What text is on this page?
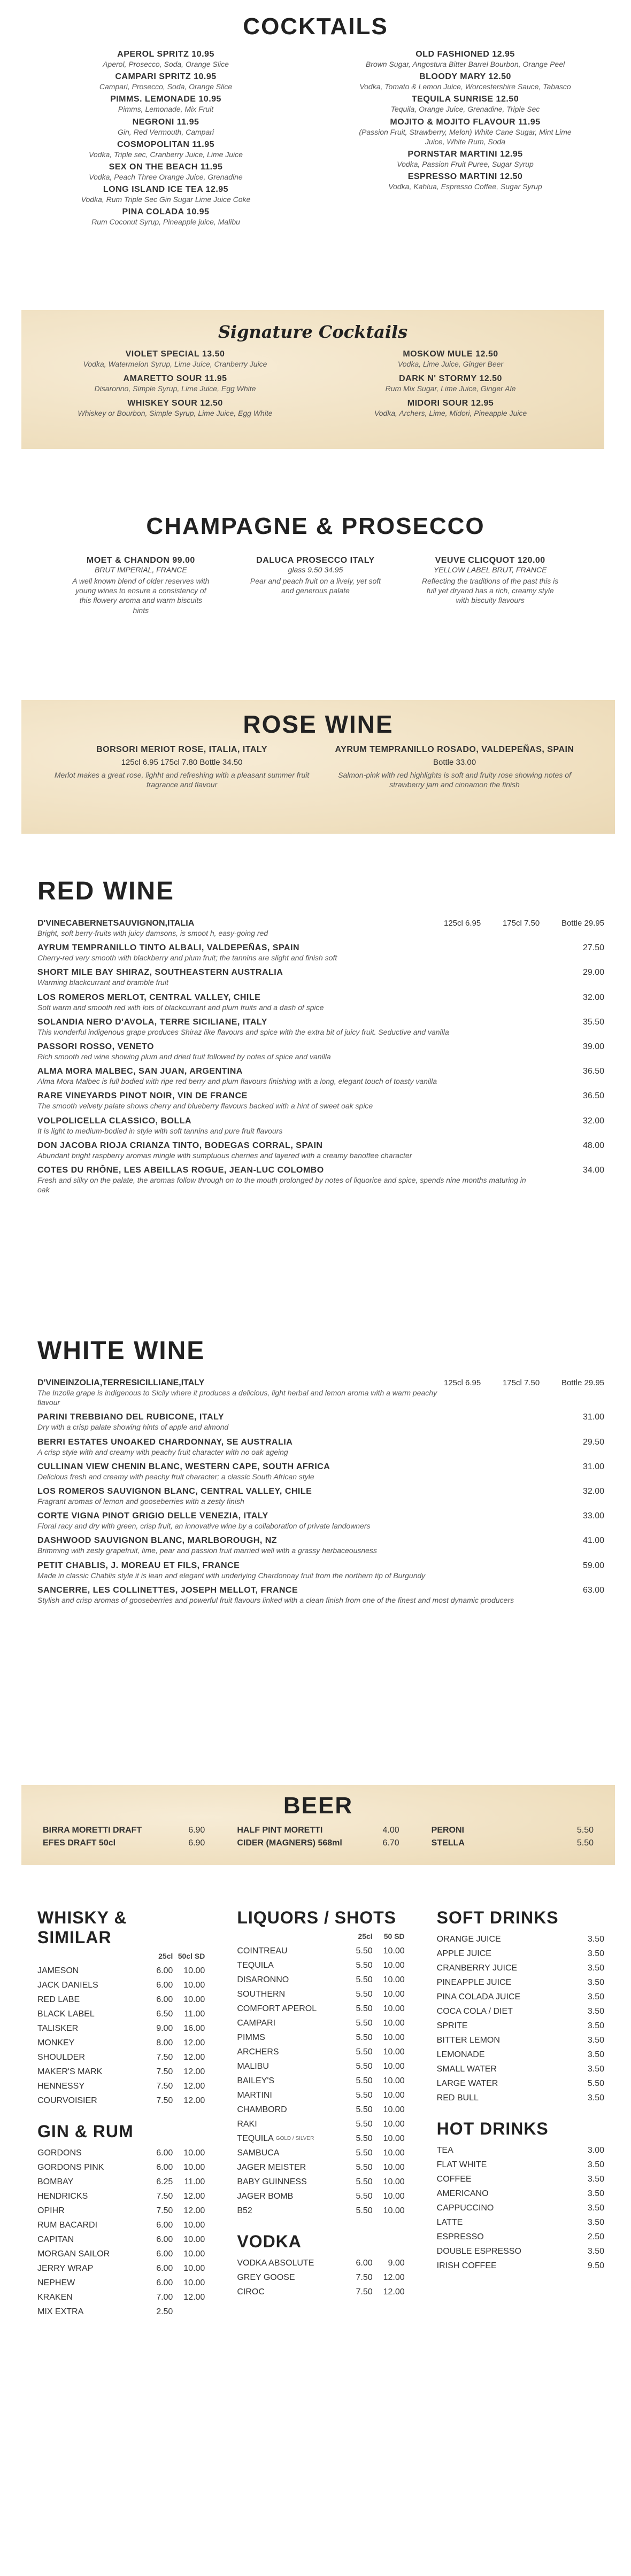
COCKTAILS
APEROL SPRITZ 10.95
Aperol, Prosecco, Soda, Orange Slice
CAMPARI SPRITZ 10.95
Campari, Prosecco, Soda, Orange Slice
PIMMS. LEMONADE 10.95
Pimms, Lemonade, Mix Fruit
NEGRONI 11.95
Gin, Red Vermouth, Campari
COSMOPOLITAN 11.95
Vodka, Triple sec, Cranberry Juice, Lime Juice
SEX ON THE BEACH 11.95
Vodka, Peach Three Orange Juice, Grenadine
LONG ISLAND ICE TEA 12.95
Vodka, Rum Triple Sec Gin Sugar Lime Juice Coke
PINA COLADA 10.95
Rum Coconut Syrup, Pineapple juice, Malibu
OLD FASHIONED 12.95
Brown Sugar, Angostura Bitter Barrel Bourbon, Orange Peel
BLOODY MARY 12.50
Vodka, Tomato & Lemon Juice, Worcestershire Sauce, Tabasco
TEQUILA SUNRISE 12.50
Tequila, Orange Juice, Grenadine, Triple Sec
MOJITO & MOJITO FLAVOUR 11.95
(Passion Fruit, Strawberry, Melon) White Cane Sugar, Mint Lime Juice, White Rum, Soda
PORNSTAR MARTINI 12.95
Vodka, Passion Fruit Puree, Sugar Syrup
ESPRESSO MARTINI 12.50
Vodka, Kahlua, Espresso Coffee, Sugar Syrup
Signature Cocktails
VIOLET SPECIAL 13.50
Vodka, Watermelon Syrup, Lime Juice, Cranberry Juice
MOSKOW MULE 12.50
Vodka, Lime Juice, Ginger Beer
AMARETTO SOUR 11.95
Disaronno, Simple Syrup, Lime Juice, Egg White
DARK N' STORMY 12.50
Rum Mix Sugar, Lime Juice, Ginger Ale
WHISKEY SOUR 12.50
Whiskey or Bourbon, Simple Syrup, Lime Juice, Egg White
MIDORI SOUR 12.95
Vodka, Archers, Lime, Midori, Pineapple Juice
CHAMPAGNE & PROSECCO
MOET & CHANDON 99.00
BRUT IMPERIAL, FRANCE
A well known blend of older reserves with young wines to ensure a consistency of this flowery aroma and warm biscuits hints
DALUCA PROSECCO ITALY
glass 9.50 34.95
Pear and peach fruit on a lively, yet soft and generous palate
VEUVE CLICQUOT 120.00
YELLOW LABEL BRUT, FRANCE
Reflecting the traditions of the past this is full yet dryand has a rich, creamy style with biscuity flavours
ROSE WINE
BORSORI MERIOT ROSE, ITALIA, ITALY
125cl 6.95 175cl 7.80 Bottle 34.50
Merlot makes a great rose, lighht and refreshing with a pleasant summer fruit fragrance and flavour
AYRUM TEMPRANILLO ROSADO, VALDEPEÑAS, SPAIN
Bottle 33.00
Salmon-pink with red highlights is soft and fruity rose showing notes of strawberry jam and cinnamon the finish
RED WINE
D'VINECABERNETSAUVIGNON,ITALIA
Bright, soft berry-fruits with juicy damsons, is smoot h, easy-going red
125cl 6.95	175cl 7.50	Bottle 29.95
AYRUM TEMPRANILLO TINTO ALBALI, VALDEPEÑAS, SPAIN
Cherry-red very smooth with blackberry and plum fruit; the tannins are slight and finish soft
27.50
SHORT MILE BAY SHIRAZ, SOUTHEASTERN AUSTRALIA
Warming blackcurrant and bramble fruit
29.00
LOS ROMEROS MERLOT, CENTRAL VALLEY, CHILE
Soft warm and smooth red with lots of blackcurrant and plum fruits and a dash of spice
32.00
SOLANDIA NERO D'AVOLA, TERRE SICILIANE, ITALY
This wonderful indigenous grape produces Shiraz like flavours and spice with the extra bit of juicy fruit. Seductive and vanilla
35.50
PASSORI ROSSO, VENETO
Rich smooth red wine showing plum and dried fruit followed by notes of spice and vanilla
39.00
ALMA MORA MALBEC, SAN JUAN, ARGENTINA
Alma Mora Malbec is full bodied with ripe red berry and plum flavours finishing with a long, elegant touch of toasty vanilla
36.50
RARE VINEYARDS PINOT NOIR, VIN DE FRANCE
The smooth velvety palate shows cherry and blueberry flavours backed with a hint of sweet oak spice
36.50
VOLPOLICELLA CLASSICO, BOLLA
It is light to medium-bodied in style with soft tannins and pure fruit flavours
32.00
DON JACOBA RIOJA CRIANZA TINTO, BODEGAS CORRAL, SPAIN
Abundant bright raspberry aromas mingle with sumptuous cherries and layered with a creamy banoffee character
48.00
COTES DU RHÔNE, LES ABEILLAS ROGUE, JEAN-LUC COLOMBO
Fresh and silky on the palate, the aromas follow through on to the mouth prolonged by notes of liquorice and spice, spends nine months maturing in oak
34.00
WHITE WINE
D'VINEINZOLIA,TERRESICILLIANE,ITALY
The Inzolia grape is indigenous to Sicily where it produces a delicious, light herbal and lemon aroma with a warm peachy flavour
125cl 6.95	175cl 7.50	Bottle 29.95
PARINI TREBBIANO DEL RUBICONE, ITALY
Dry with a crisp palate showing hints of apple and almond
31.00
BERRI ESTATES UNOAKED CHARDONNAY, SE AUSTRALIA
A crisp style with and creamy with peachy fruit character with no oak ageing
29.50
CULLINAN VIEW CHENIN BLANC, WESTERN CAPE, SOUTH AFRICA
Delicious fresh and creamy with peachy fruit character; a classic South African style
31.00
LOS ROMEROS SAUVIGNON BLANC, CENTRAL VALLEY, CHILE
Fragrant aromas of lemon and gooseberries with a zesty finish
32.00
CORTE VIGNA PINOT GRIGIO DELLE VENEZIA, ITALY
Floral racy and dry with green, crisp fruit, an innovative wine by a collaboration of private landowners
33.00
DASHWOOD SAUVIGNON BLANC, MARLBOROUGH, NZ
Brimming with zesty grapefruit, lime, pear and passion fruit married well with a grassy herbaceousness
41.00
PETIT CHABLIS, J. MOREAU ET FILS, FRANCE
Made in classic Chablis style it is lean and elegant with underlying Chardonnay fruit from the northern tip of Burgundy
59.00
SANCERRE, LES COLLINETTES, JOSEPH MELLOT, FRANCE
Stylish and crisp aromas of gooseberries and powerful fruit flavours linked with a clean finish from one of the finest and most dynamic producers
63.00
BEER
BIRRA MORETTI DRAFT	6.90	HALF PINT MORETTI	4.00	PERONI	5.50
EFES DRAFT 50cl	6.90	CIDER (MAGNERS) 568ml	6.70	STELLA	5.50
WHISKY & SIMILAR
25cl 50cl SD
JAMESON	6.00	10.00
JACK DANIELS	6.00	10.00
RED LABE	6.00	10.00
BLACK LABEL	6.50	11.00
TALISKER	9.00	16.00
MONKEY	8.00	12.00
SHOULDER	7.50	12.00
MAKER'S MARK	7.50	12.00
HENNESSY	7.50	12.00
COURVOISIER	7.50	12.00
GIN & RUM
GORDONS	6.00	10.00
GORDONS PINK	6.00	10.00
BOMBAY	6.25	11.00
HENDRICKS	7.50	12.00
OPIHR	7.50	12.00
RUM BACARDI	6.00	10.00
CAPITAN	6.00	10.00
MORGAN SAILOR	6.00	10.00
JERRY WRAP	6.00	10.00
NEPHEW	6.00	10.00
KRAKEN	7.00	12.00
MIX EXTRA	2.50
LIQUORS / SHOTS
25cl	50 SD
COINTREAU	5.50	10.00
TEQUILA	5.50	10.00
DISARONNO	5.50	10.00
SOUTHERN	5.50	10.00
COMFORT APEROL	5.50	10.00
CAMPARI	5.50	10.00
PIMMS	5.50	10.00
ARCHERS	5.50	10.00
MALIBU	5.50	10.00
BAILEY'S	5.50	10.00
MARTINI	5.50	10.00
CHAMBORD	5.50	10.00
RAKI	5.50	10.00
TEQUILA GOLD / SILVER	5.50	10.00
SAMBUCA	5.50	10.00
JAGER MEISTER	5.50	10.00
BABY GUINNESS	5.50	10.00
JAGER BOMB	5.50	10.00
B52	5.50	10.00
VODKA
VODKA ABSOLUTE	6.00	9.00
GREY GOOSE	7.50	12.00
CIROC	7.50	12.00
SOFT DRINKS
ORANGE JUICE	3.50
APPLE JUICE	3.50
CRANBERRY JUICE	3.50
PINEAPPLE JUICE	3.50
PINA COLADA JUICE	3.50
COCA COLA / DIET	3.50
SPRITE	3.50
BITTER LEMON	3.50
LEMONADE	3.50
SMALL WATER	3.50
LARGE WATER	5.50
RED BULL	3.50
HOT DRINKS
TEA	3.00
FLAT WHITE	3.50
COFFEE	3.50
AMERICANO	3.50
CAPPUCCINO	3.50
LATTE	3.50
ESPRESSO	2.50
DOUBLE ESPRESSO	3.50
IRISH COFFEE	9.50
